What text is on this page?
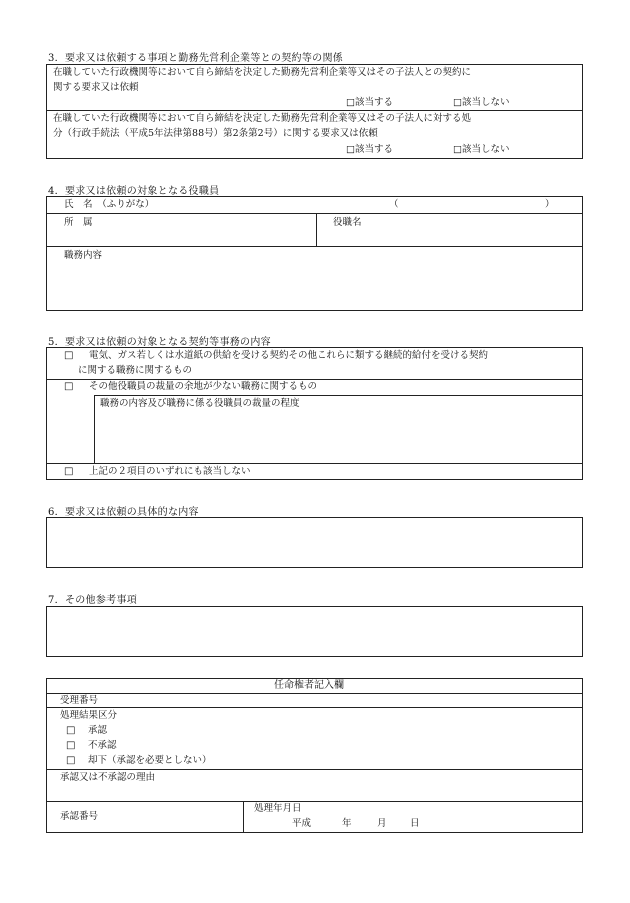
3．要求又は依頼する事項と勤務先営利企業等との契約等の関係
在職していた行政機関等において自ら締結を決定した勤務先営利企業等又はその子法人との契約に
関する要求又は依頼
□該当する	□該当しない
在職していた行政機関等において自ら締結を決定した勤務先営利企業等又はその子法人に対する処
分（行政手続法（平成5年法律第88号）第2条第2号）に関する要求又は依頼
□該当する	□該当しない
4．要求又は依頼の対象となる役職員
氏　名　（ふりがな）	（	）
所　属	役職名
職務内容
5．要求又は依頼の対象となる契約等事務の内容
□ 電気、ガス若しくは水道紙の供給を受ける契約その他これらに類する継続的給付を受ける契約
に関する職務に関するもの
□ その他役職員の裁量の余地が少ない職務に関するもの
職務の内容及び職務に係る役職員の裁量の程度
□ 上記の２項目のいずれにも該当しない
6．要求又は依頼の具体的な内容
7．その他参考事項
任命権者記入欄
受理番号
処理結果区分
□ 承認
□ 不承認
□ 却下（承認を必要としない）
承認又は不承認の理由
承認番号
処理年月日
平成	年	月 日
